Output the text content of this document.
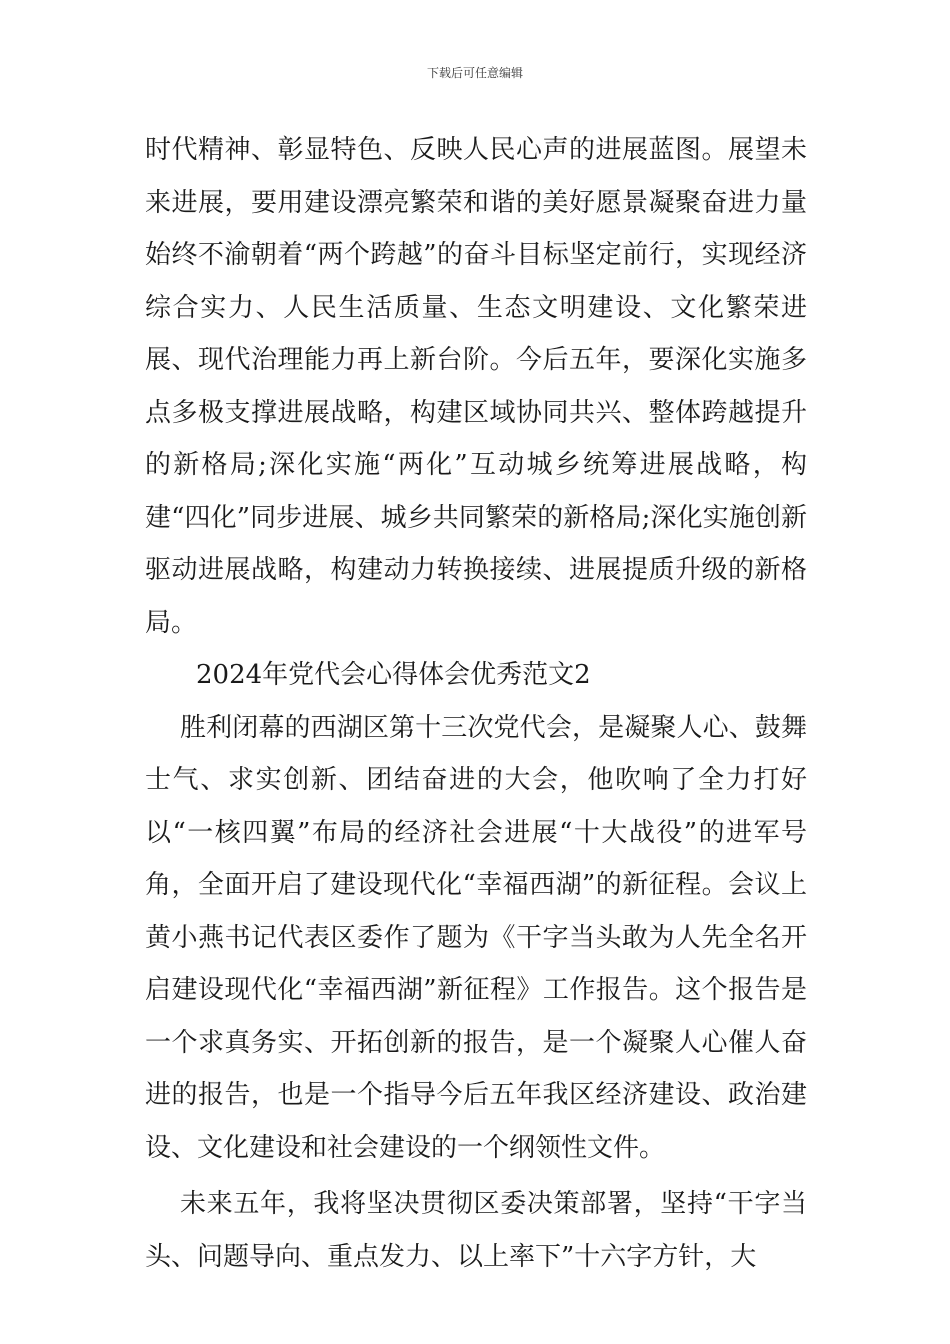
下载后可任意编辑

时代精神、彰显特色、反映人民心声的进展蓝图。展望未来进展，要用建设漂亮繁荣和谐的美好愿景凝聚奋进力量始终不渝朝着“两个跨越”的奋斗目标坚定前行，实现经济综合实力、人民生活质量、生态文明建设、文化繁荣进展、现代治理能力再上新台阶。今后五年，要深化实施多点多极支撑进展战略，构建区域协同共兴、整体跨越提升的新格局;深化实施“两化”互动城乡统筹进展战略，构建“四化”同步进展、城乡共同繁荣的新格局;深化实施创新驱动进展战略，构建动力转换接续、进展提质升级的新格局。

2024年党代会心得体会优秀范文2

胜利闭幕的西湖区第十三次党代会，是凝聚人心、鼓舞士气、求实创新、团结奋进的大会，他吹响了全力打好以“一核四翼”布局的经济社会进展“十大战役”的进军号角，全面开启了建设现代化“幸福西湖”的新征程。会议上黄小燕书记代表区委作了题为《干字当头敢为人先全名开启建设现代化“幸福西湖”新征程》工作报告。这个报告是一个求真务实、开拓创新的报告，是一个凝聚人心催人奋进的报告，也是一个指导今后五年我区经济建设、政治建设、文化建设和社会建设的一个纲领性文件。

未来五年，我将坚决贯彻区委决策部署，坚持“干字当头、问题导向、重点发力、以上率下”十六字方针，大
